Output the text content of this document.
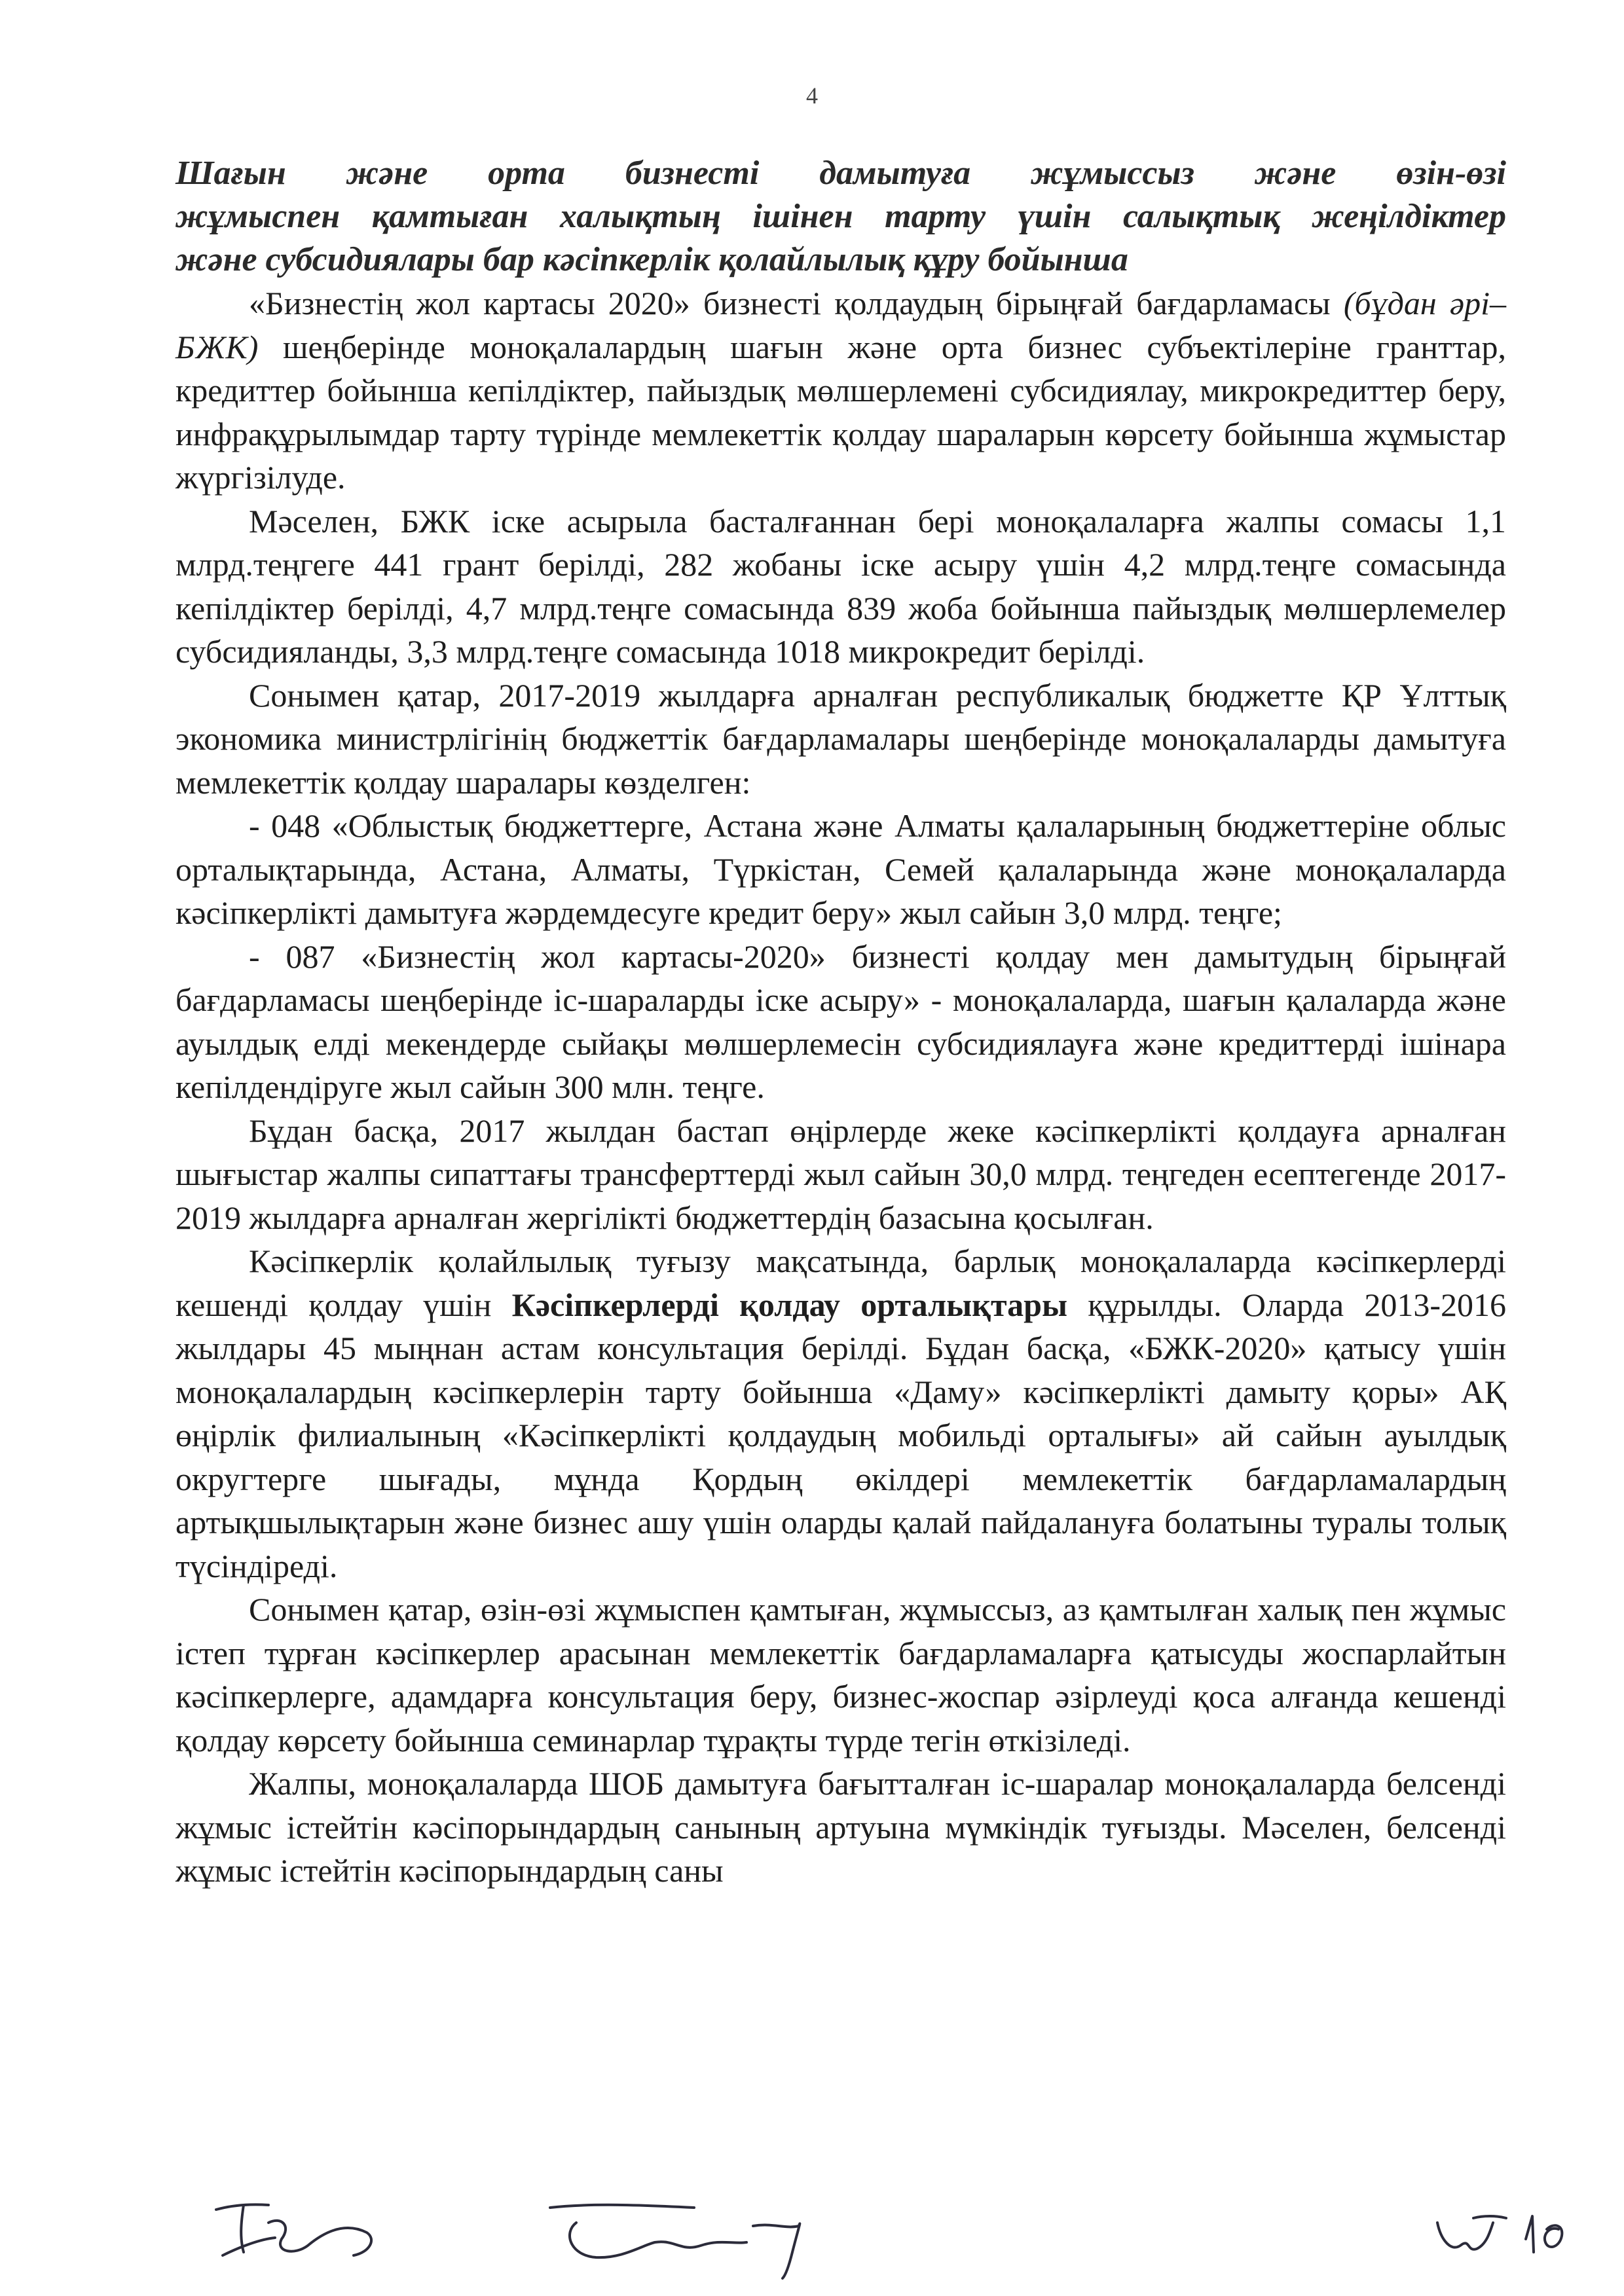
4
Шағын және орта бизнесті дамытуға жұмыссыз және өзін-өзі
жұмыспен қамтыған халықтың ішінен тарту үшін салықтық жеңілдіктер
және субсидиялары бар кәсіпкерлік қолайлылық құру бойынша

«Бизнестің жол картасы 2020» бизнесті қолдаудың бірыңғай бағдарламасы (бұдан әрі–БЖК) шеңберінде моноқалалардың шағын және орта бизнес субъектілеріне гранттар, кредиттер бойынша кепілдіктер, пайыздық мөлшерлемені субсидиялау, микрокредиттер беру, инфрақұрылымдар тарту түрінде мемлекеттік қолдау шараларын көрсету бойынша жұмыстар жүргізілуде.

Мәселен, БЖК іске асырыла басталғаннан бері моноқалаларға жалпы сомасы 1,1 млрд.теңгеге 441 грант берілді, 282 жобаны іске асыру үшін 4,2 млрд.теңге сомасында кепілдіктер берілді, 4,7 млрд.теңге сомасында 839 жоба бойынша пайыздық мөлшерлемелер субсидияланды, 3,3 млрд.теңге сомасында 1018 микрокредит берілді.

Сонымен қатар, 2017-2019 жылдарға арналған республикалық бюджетте ҚР Ұлттық экономика министрлігінің бюджеттік бағдарламалары шеңберінде моноқалаларды дамытуға мемлекеттік қолдау шаралары көзделген:

- 048 «Облыстық бюджеттерге, Астана және Алматы қалаларының бюджеттеріне облыс орталықтарында, Астана, Алматы, Түркістан, Семей қалаларында және моноқалаларда кәсіпкерлікті дамытуға жәрдемдесуге кредит беру» жыл сайын 3,0 млрд. теңге;

- 087 «Бизнестің жол картасы-2020» бизнесті қолдау мен дамытудың бірыңғай бағдарламасы шеңберінде іс-шараларды іске асыру» - моноқалаларда, шағын қалаларда және ауылдық елді мекендерде сыйақы мөлшерлемесін субсидиялауға және кредиттерді ішінара кепілдендіруге жыл сайын 300 млн. теңге.

Бұдан басқа, 2017 жылдан бастап өңірлерде жеке кәсіпкерлікті қолдауға арналған шығыстар жалпы сипаттағы трансферттерді жыл сайын 30,0 млрд. теңгеден есептегенде 2017-2019 жылдарға арналған жергілікті бюджеттердің базасына қосылған.

Кәсіпкерлік қолайлылық туғызу мақсатында, барлық моноқалаларда кәсіпкерлерді кешенді қолдау үшін Кәсіпкерлерді қолдау орталықтары құрылды. Оларда 2013-2016 жылдары 45 мыңнан астам консультация берілді. Бұдан басқа, «БЖК-2020» қатысу үшін моноқалалардың кәсіпкерлерін тарту бойынша «Даму» кәсіпкерлікті дамыту қоры» АҚ өңірлік филиалының «Кәсіпкерлікті қолдаудың мобильді орталығы» ай сайын ауылдық округтерге шығады, мұнда Қордың өкілдері мемлекеттік бағдарламалардың артықшылықтарын және бизнес ашу үшін оларды қалай пайдалануға болатыны туралы толық түсіндіреді.

Сонымен қатар, өзін-өзі жұмыспен қамтыған, жұмыссыз, аз қамтылған халық пен жұмыс істеп тұрған кәсіпкерлер арасынан мемлекеттік бағдарламаларға қатысуды жоспарлайтын кәсіпкерлерге, адамдарға консультация беру, бизнес-жоспар әзірлеуді қоса алғанда кешенді қолдау көрсету бойынша семинарлар тұрақты түрде тегін өткізіледі.

Жалпы, моноқалаларда ШОБ дамытуға бағытталған іс-шаралар моноқалаларда белсенді жұмыс істейтін кәсіпорындардың санының артуына мүмкіндік туғызды. Мәселен, белсенді жұмыс істейтін кәсіпорындардың саны
